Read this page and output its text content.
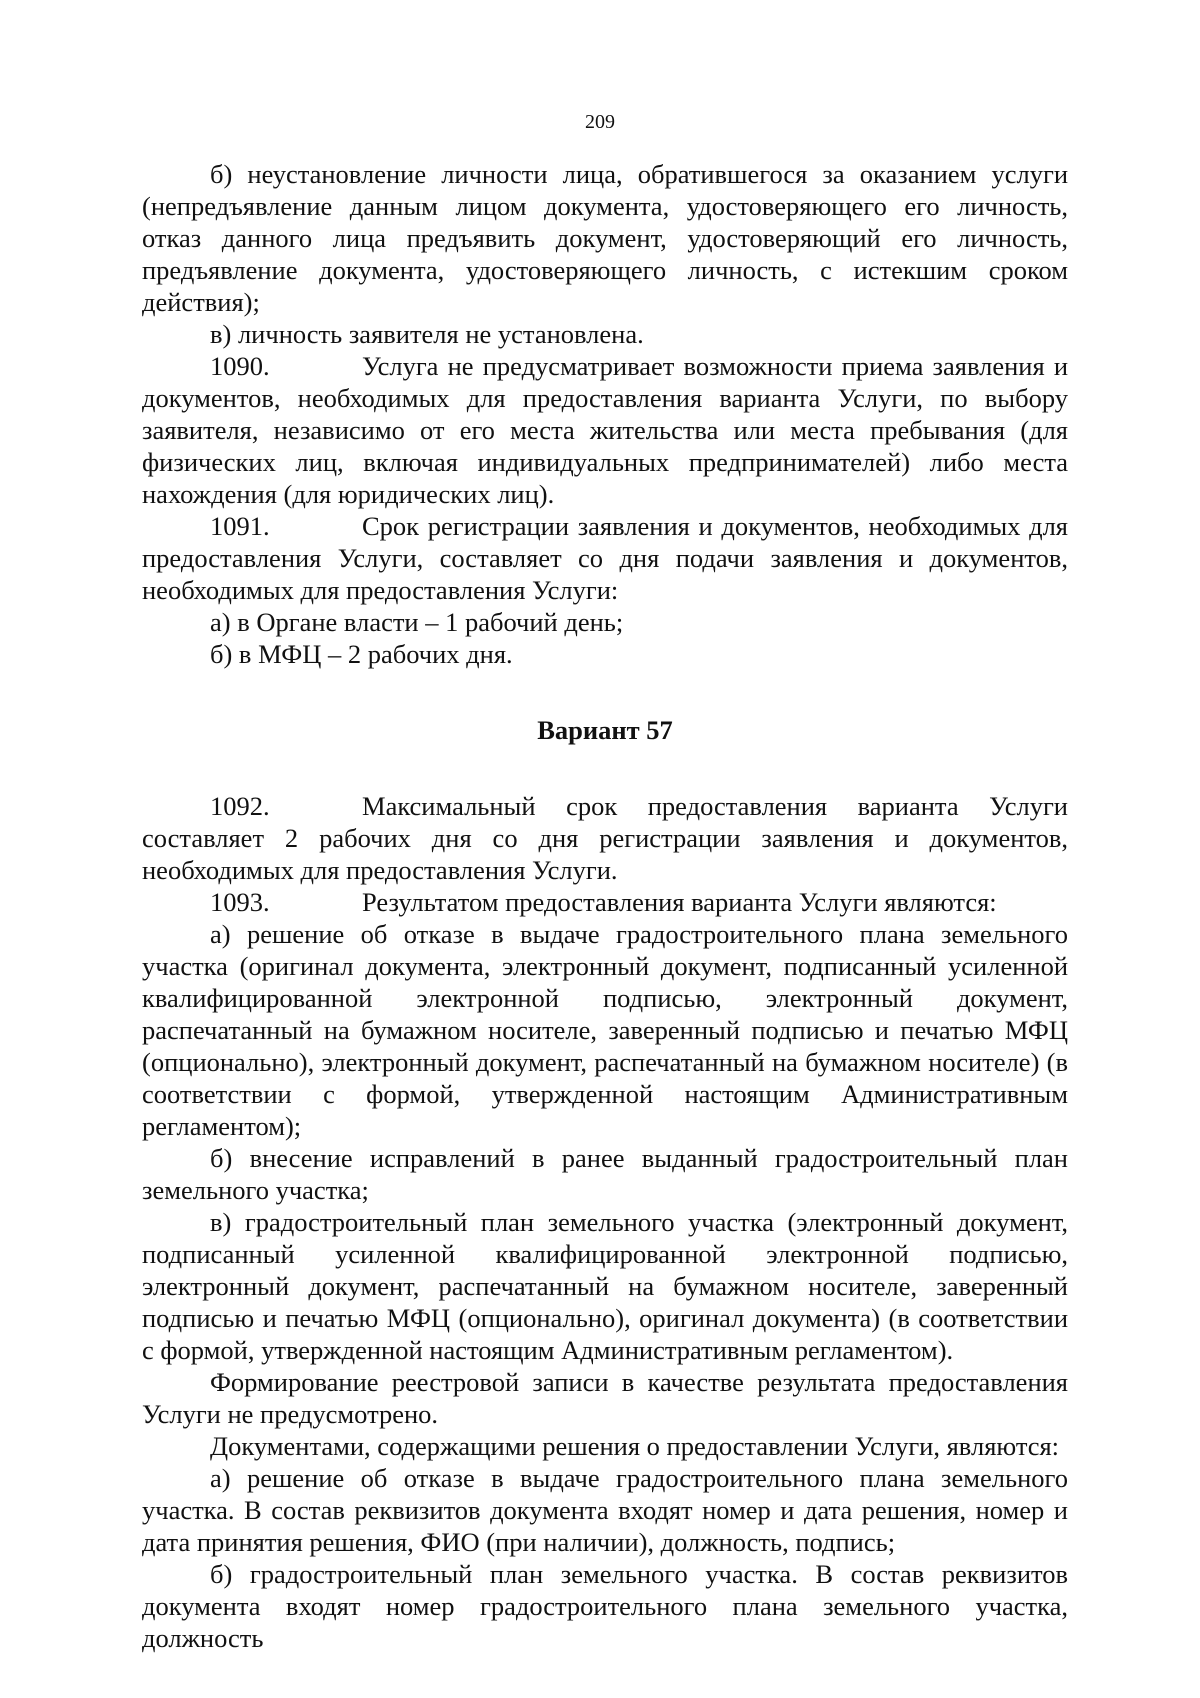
209

б) неустановление личности лица, обратившегося за оказанием услуги (непредъявление данным лицом документа, удостоверяющего его личность, отказ данного лица предъявить документ, удостоверяющий его личность, предъявление документа, удостоверяющего личность, с истекшим сроком действия);

в) личность заявителя не установлена.

1090.	Услуга не предусматривает возможности приема заявления и документов, необходимых для предоставления варианта Услуги, по выбору заявителя, независимо от его места жительства или места пребывания (для физических лиц, включая индивидуальных предпринимателей) либо места нахождения (для юридических лиц).

1091.	Срок регистрации заявления и документов, необходимых для предоставления Услуги, составляет со дня подачи заявления и документов, необходимых для предоставления Услуги:

а) в Органе власти – 1 рабочий день;

б) в МФЦ – 2 рабочих дня.

Вариант 57

1092.	Максимальный срок предоставления варианта Услуги составляет 2 рабочих дня со дня регистрации заявления и документов, необходимых для предоставления Услуги.

1093.	Результатом предоставления варианта Услуги являются:

а) решение об отказе в выдаче градостроительного плана земельного участка (оригинал документа, электронный документ, подписанный усиленной квалифицированной электронной подписью, электронный документ, распечатанный на бумажном носителе, заверенный подписью и печатью МФЦ (опционально), электронный документ, распечатанный на бумажном носителе) (в соответствии с формой, утвержденной настоящим Административным регламентом);

б) внесение исправлений в ранее выданный градостроительный план земельного участка;

в) градостроительный план земельного участка (электронный документ, подписанный усиленной квалифицированной электронной подписью, электронный документ, распечатанный на бумажном носителе, заверенный подписью и печатью МФЦ (опционально), оригинал документа) (в соответствии с формой, утвержденной настоящим Административным регламентом).

Формирование реестровой записи в качестве результата предоставления Услуги не предусмотрено.

Документами, содержащими решения о предоставлении Услуги, являются:

а) решение об отказе в выдаче градостроительного плана земельного участка. В состав реквизитов документа входят номер и дата решения, номер и дата принятия решения, ФИО (при наличии), должность, подпись;

б) градостроительный план земельного участка. В состав реквизитов документа входят номер градостроительного плана земельного участка, должность
